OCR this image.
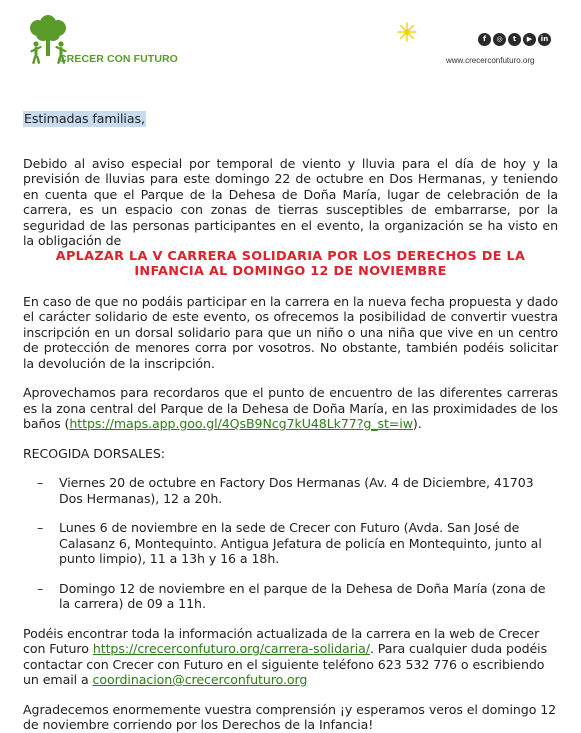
CRECER CON FUTURO
f	◎	t	▶	in
www.crecerconfuturo.org

Estimadas familias,

Debido al aviso especial por temporal de viento y lluvia para el día de hoy y la previsión de lluvias para este domingo 22 de octubre en Dos Hermanas, y teniendo en cuenta que el Parque de la Dehesa de Doña María, lugar de celebración de la carrera, es un espacio con zonas de tierras susceptibles de embarrarse, por la seguridad de las personas participantes en el evento, la organización se ha visto en la obligación de

APLAZAR LA V CARRERA SOLIDARIA POR LOS DERECHOS DE LA INFANCIA AL DOMINGO 12 DE NOVIEMBRE

En caso de que no podáis participar en la carrera en la nueva fecha propuesta y dado el carácter solidario de este evento, os ofrecemos la posibilidad de convertir vuestra inscripción en un dorsal solidario para que un niño o una niña que vive en un centro de protección de menores corra por vosotros. No obstante, también podéis solicitar la devolución de la inscripción.

Aprovechamos para recordaros que el punto de encuentro de las diferentes carreras es la zona central del Parque de la Dehesa de Doña María, en las proximidades de los baños (https://maps.app.goo.gl/4QsB9Ncg7kU48Lk77?g_st=iw).

RECOGIDA DORSALES:

– Viernes 20 de octubre en Factory Dos Hermanas (Av. 4 de Diciembre, 41703 Dos Hermanas), 12 a 20h.
– Lunes 6 de noviembre en la sede de Crecer con Futuro (Avda. San José de Calasanz 6, Montequinto. Antigua Jefatura de policía en Montequinto, junto al punto limpio), 11 a 13h y 16 a 18h.
– Domingo 12 de noviembre en el parque de la Dehesa de Doña María (zona de la carrera) de 09 a 11h.

Podéis encontrar toda la información actualizada de la carrera en la web de Crecer con Futuro https://crecerconfuturo.org/carrera-solidaria/. Para cualquier duda podéis contactar con Crecer con Futuro en el siguiente teléfono 623 532 776 o escribiendo un email a coordinacion@crecerconfuturo.org

Agradecemos enormemente vuestra comprensión ¡y esperamos veros el domingo 12 de noviembre corriendo por los Derechos de la Infancia!
